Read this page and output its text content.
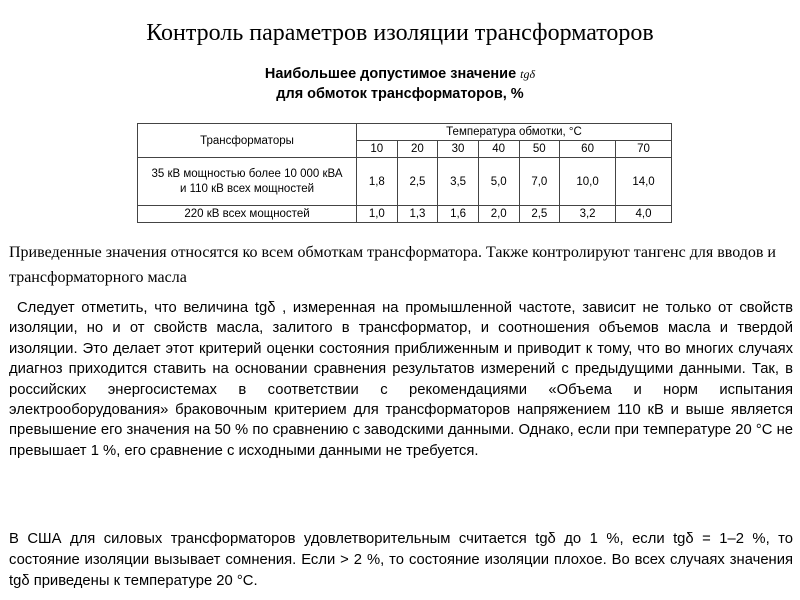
Контроль параметров изоляции трансформаторов
Наибольшее допустимое значение tgδ
для обмоток трансформаторов, %
Трансформаторы	Температура обмотки, °С						
	10	20	30	40	50	60	70
35 кВ мощностью более 10 000 кВА
и 110 кВ всех мощностей	1,8	2,5	3,5	5,0	7,0	10,0	14,0
220 кВ всех мощностей	1,0	1,3	1,6	2,0	2,5	3,2	4,0
Приведенные значения относятся ко всем обмоткам трансформатора. Также контролируют тангенс для вводов и трансформаторного масла
Следует отметить, что величина tgδ , измеренная на промышленной частоте, зависит не только от свойств изоляции, но и от свойств масла, залитого в трансформатор, и соотношения объемов масла и твердой изоляции. Это делает этот критерий оценки состояния приближенным и приводит к тому, что во многих случаях диагноз приходится ставить на основании сравнения результатов измерений с предыдущими данными. Так, в российских энергосистемах в соответствии с рекомендациями «Объема и норм испытания электрооборудования» браковочным критерием для трансформаторов напряжением 110 кВ и выше является превышение его значения на 50 % по сравнению с заводскими данными. Однако, если при температуре 20 °С не превышает 1 %, его сравнение с исходными данными не требуется.
В США для силовых трансформаторов удовлетворительным считается tgδ до 1 %, если tgδ = 1–2 %, то состояние изоляции вызывает сомнения. Если > 2 %, то состояние изоляции плохое. Во всех случаях значения tgδ приведены к температуре 20 °С.
